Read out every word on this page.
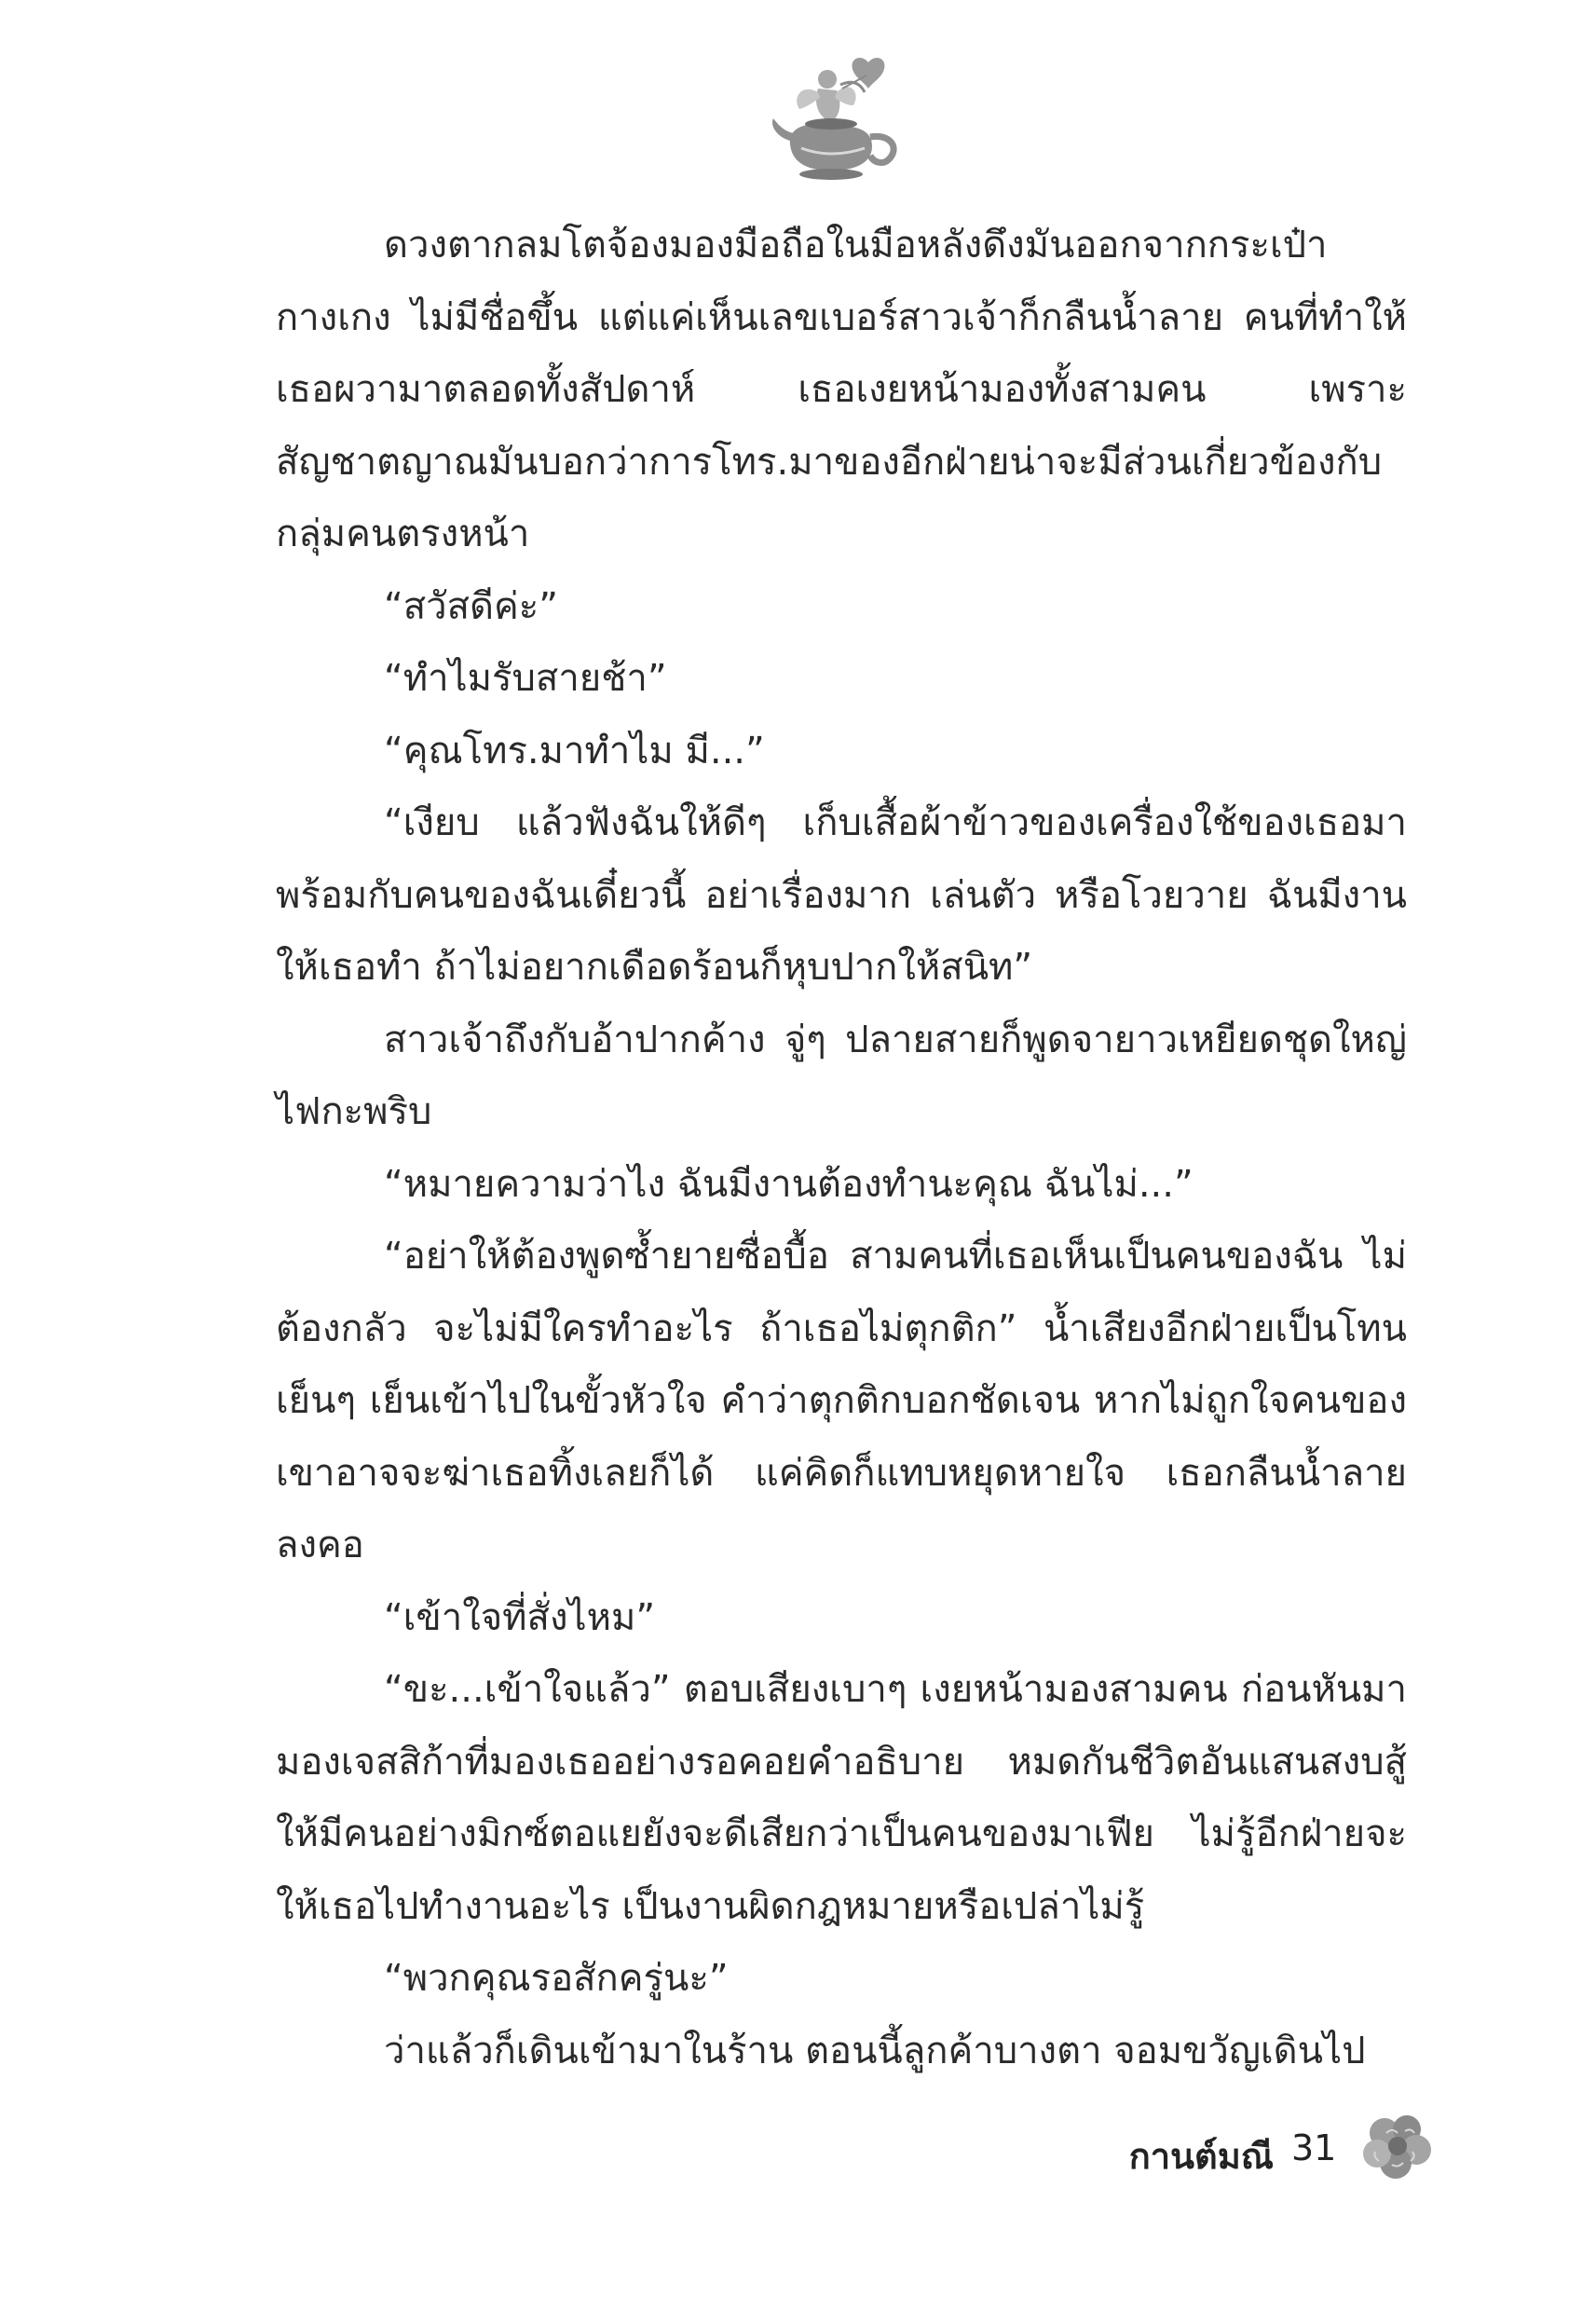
ดวงตากลมโตจ้องมองมือถือในมือหลังดึงมันออกจากกระเป๋ากางเกง ไม่มีชื่อขึ้น แต่แค่เห็นเลขเบอร์สาวเจ้าก็กลืนน้ำลาย คนที่ทำให้เธอผวามาตลอดทั้งสัปดาห์ เธอเงยหน้ามองทั้งสามคน เพราะสัญชาตญาณมันบอกว่าการโทร.มาของอีกฝ่ายน่าจะมีส่วนเกี่ยวข้องกับกลุ่มคนตรงหน้า

“สวัสดีค่ะ”

“ทำไมรับสายช้า”

“คุณโทร.มาทำไม มี...”

“เงียบ แล้วฟังฉันให้ดีๆ เก็บเสื้อผ้าข้าวของเครื่องใช้ของเธอมาพร้อมกับคนของฉันเดี๋ยวนี้ อย่าเรื่องมาก เล่นตัว หรือโวยวาย ฉันมีงานให้เธอทำ ถ้าไม่อยากเดือดร้อนก็หุบปากให้สนิท”

สาวเจ้าถึงกับอ้าปากค้าง จู่ๆ ปลายสายก็พูดจายาวเหยียดชุดใหญ่ไฟกะพริบ

“หมายความว่าไง ฉันมีงานต้องทำนะคุณ ฉันไม่...”

“อย่าให้ต้องพูดซ้ำยายซื่อบื้อ สามคนที่เธอเห็นเป็นคนของฉัน ไม่ต้องกลัว จะไม่มีใครทำอะไร ถ้าเธอไม่ตุกติก” น้ำเสียงอีกฝ่ายเป็นโทนเย็นๆ เย็นเข้าไปในขั้วหัวใจ คำว่าตุกติกบอกชัดเจน หากไม่ถูกใจคนของเขาอาจจะฆ่าเธอทิ้งเลยก็ได้ แค่คิดก็แทบหยุดหายใจ เธอกลืนน้ำลายลงคอ

“เข้าใจที่สั่งไหม”

“ขะ...เข้าใจแล้ว” ตอบเสียงเบาๆ เงยหน้ามองสามคน ก่อนหันมามองเจสสิก้าที่มองเธออย่างรอคอยคำอธิบาย หมดกันชีวิตอันแสนสงบสู้ให้มีคนอย่างมิกซ์ตอแยยังจะดีเสียกว่าเป็นคนของมาเฟีย ไม่รู้อีกฝ่ายจะให้เธอไปทำงานอะไร เป็นงานผิดกฎหมายหรือเปล่าไม่รู้

“พวกคุณรอสักครู่นะ”

ว่าแล้วก็เดินเข้ามาในร้าน ตอนนี้ลูกค้าบางตา จอมขวัญเดินไป

กานต์มณี 31
